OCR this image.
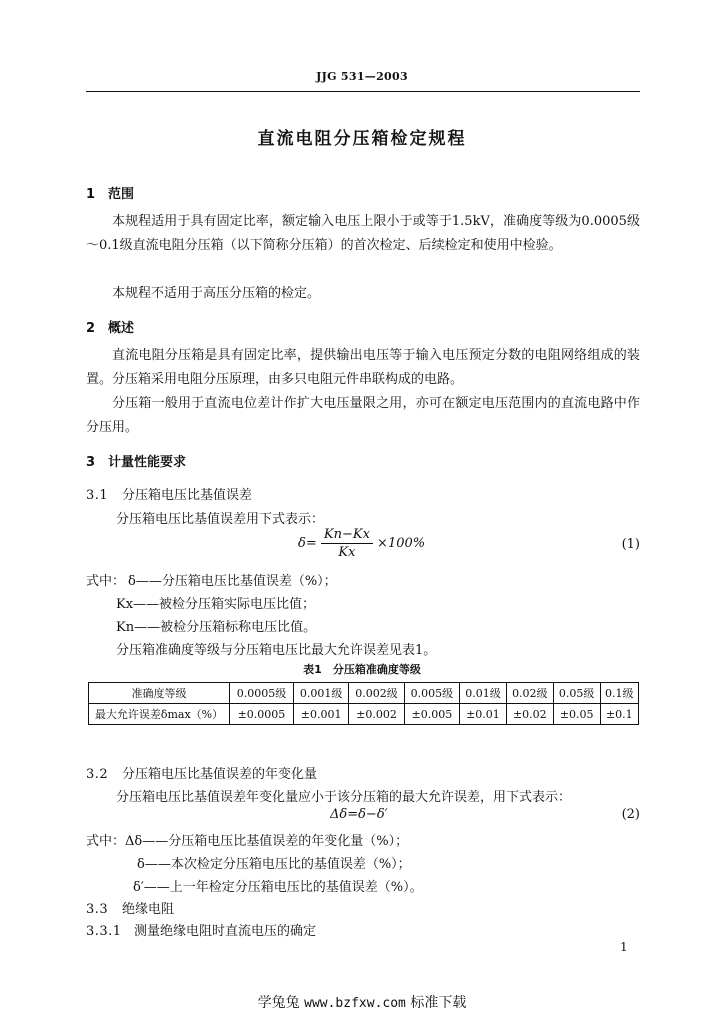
JJG 531—2003
直流电阻分压箱检定规程
1 范围
本规程适用于具有固定比率，额定输入电压上限小于或等于1.5kV，准确度等级为0.0005级～0.1级直流电阻分压箱（以下简称分压箱）的首次检定、后续检定和使用中检验。
本规程不适用于高压分压箱的检定。
2 概述
直流电阻分压箱是具有固定比率，提供输出电压等于输入电压预定分数的电阻网络组成的装置。分压箱采用电阻分压原理，由多只电阻元件串联构成的电路。
分压箱一般用于直流电位差计作扩大电压量限之用，亦可在额定电压范围内的直流电路中作分压用。
3 计量性能要求
3.1 分压箱电压比基值误差
分压箱电压比基值误差用下式表示：
$\delta= \frac{Kn-Kx}{Kx} \times 100\%$	(1)
式中： δ——分压箱电压比基值误差（%）；
Kx——被检分压箱实际电压比值；
Kn——被检分压箱标称电压比值。
分压箱准确度等级与分压箱电压比最大允许误差见表1。
表1　分压箱准确度等级
准确度等级	0.0005级	0.001级	0.002级	0.005级	0.01级	0.02级	0.05级	0.1级
最大允许误差δmax（%）	±0.0005	±0.001	±0.002	±0.005	±0.01	±0.02	±0.05	±0.1
3.2 分压箱电压比基值误差的年变化量
分压箱电压比基值误差年变化量应小于该分压箱的最大允许误差，用下式表示：
Δδ=δ−δ′	(2)
式中：Δδ——分压箱电压比基值误差的年变化量（%）；
δ——本次检定分压箱电压比的基值误差（%）；
δ′——上一年检定分压箱电压比的基值误差（%）。
3.3 绝缘电阻
3.3.1 测量绝缘电阻时直流电压的确定
1
学兔兔 www.bzfxw.com 标准下载
